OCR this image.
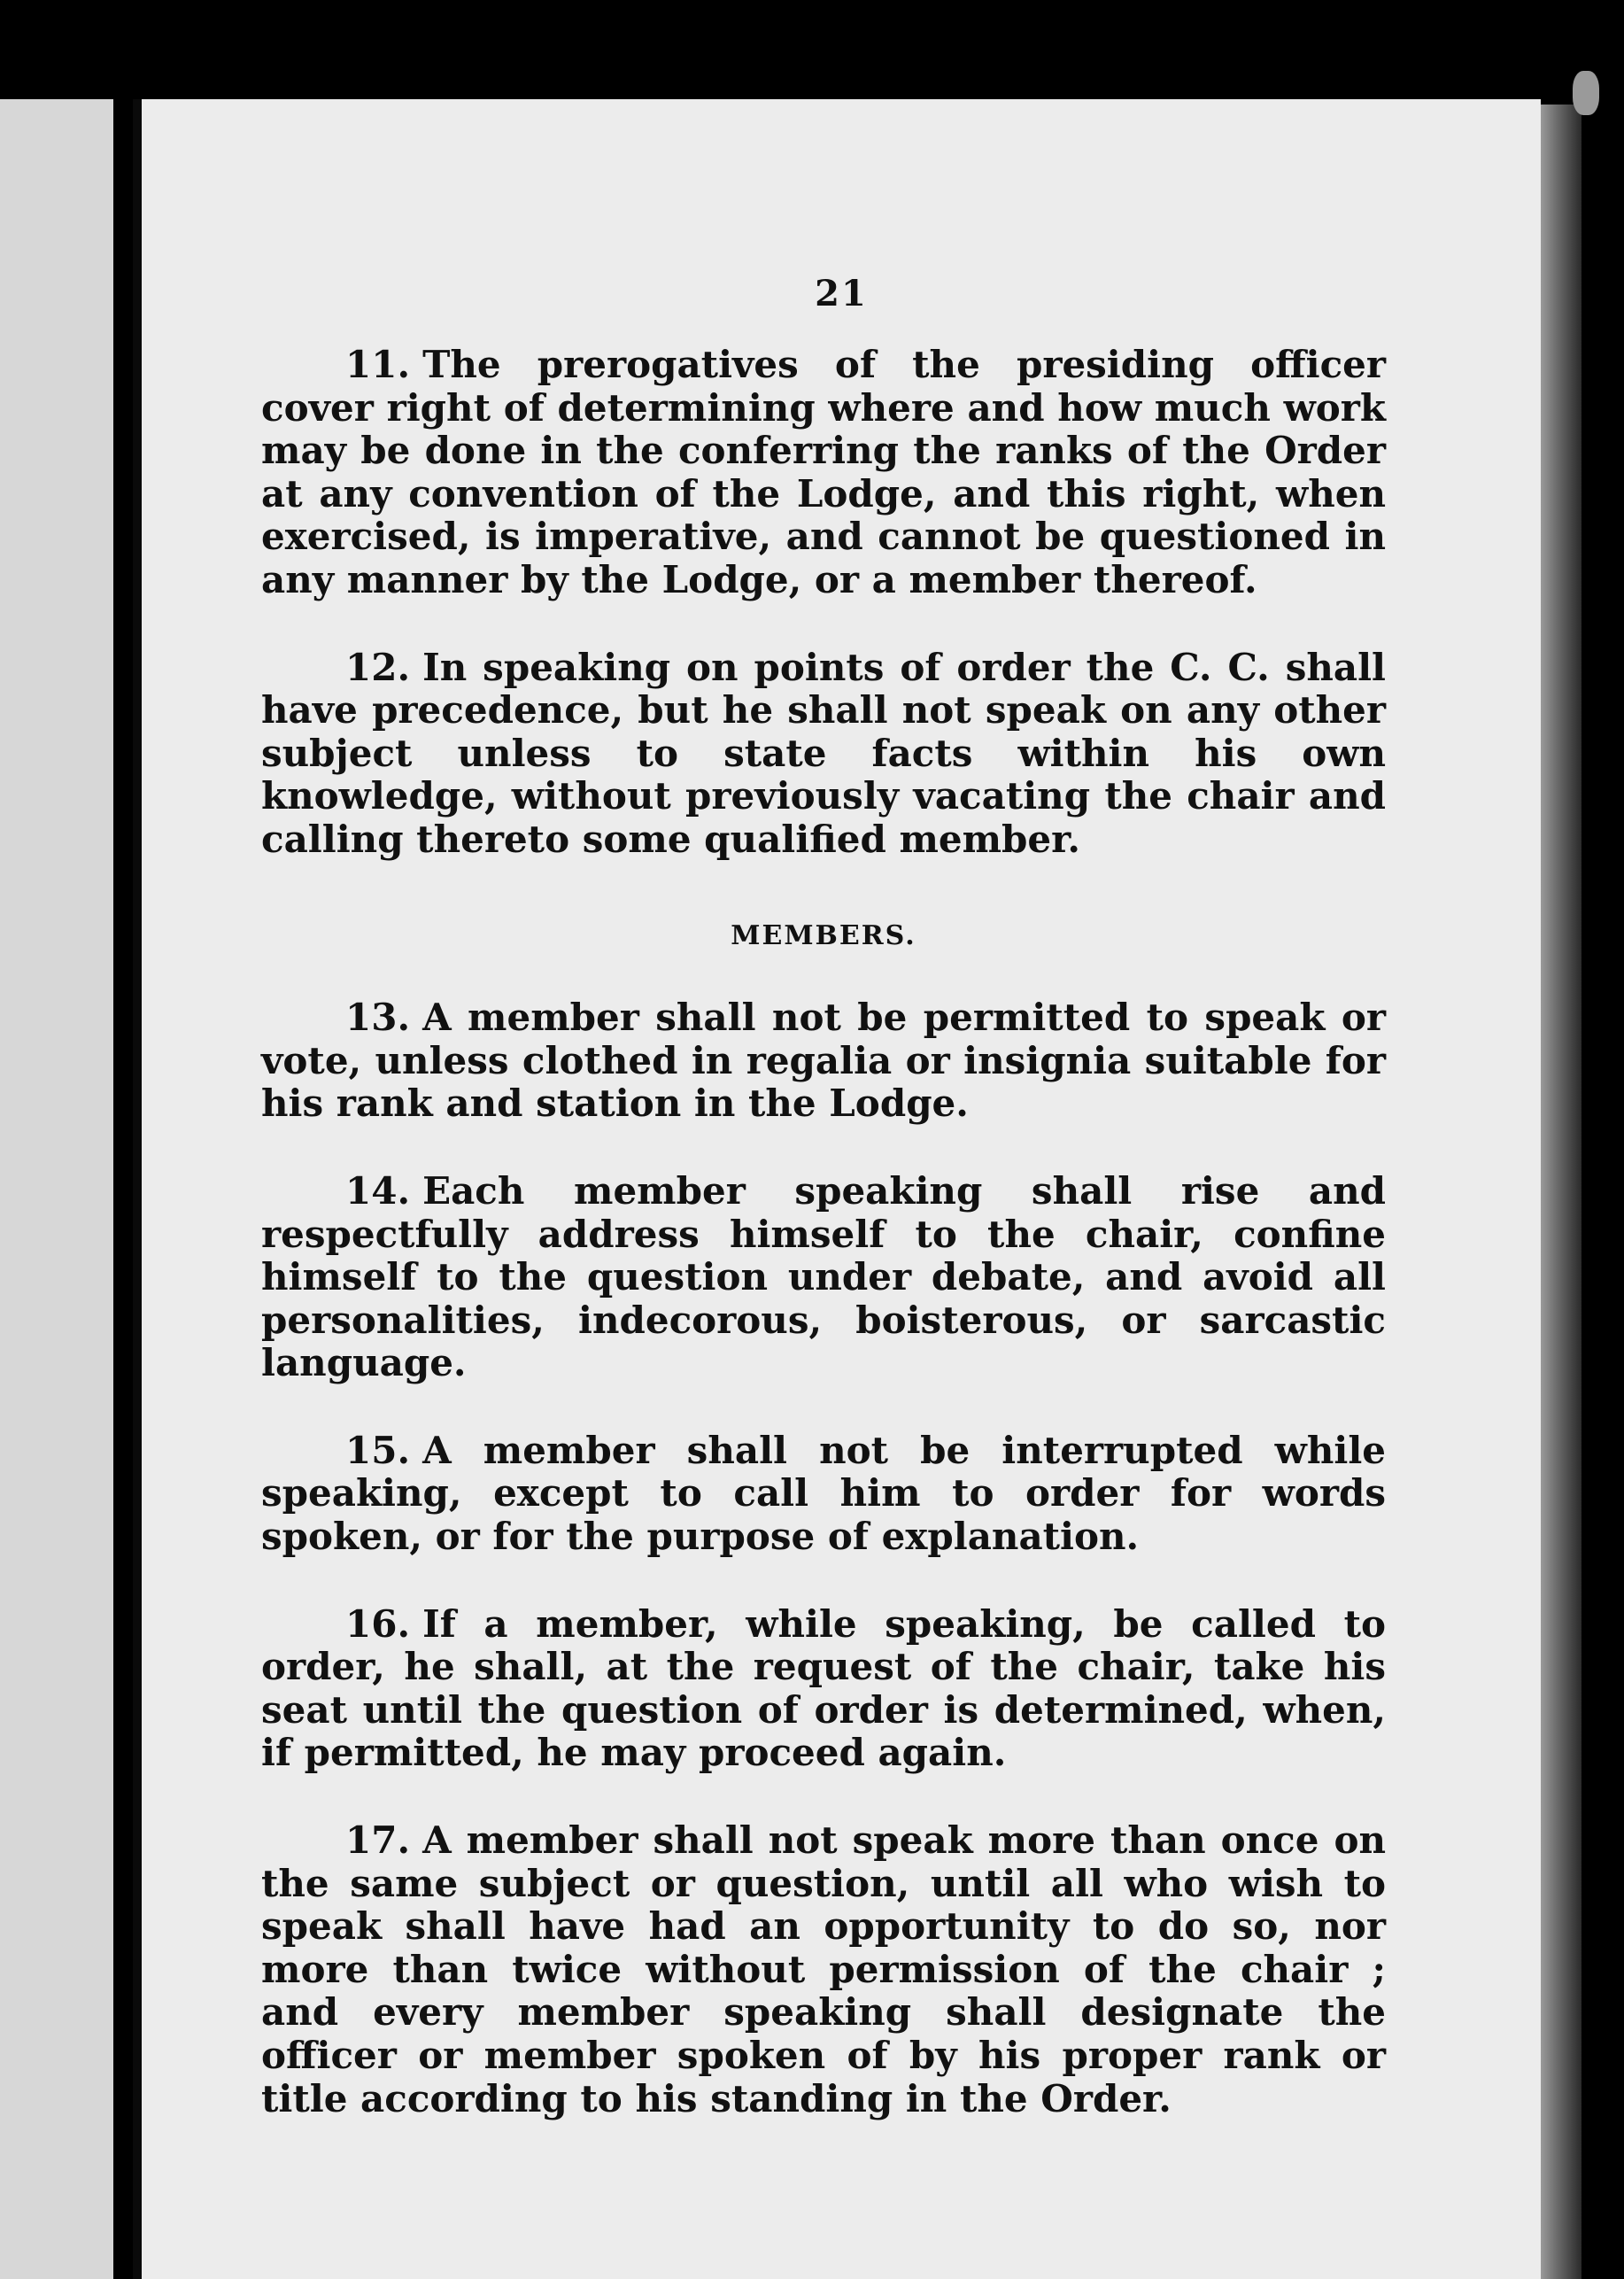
21

11. The prerogatives of the presiding officer cover right of determining where and how much work may be done in the conferring the ranks of the Order at any convention of the Lodge, and this right, when exercised, is imperative, and cannot be questioned in any manner by the Lodge, or a member thereof.

12. In speaking on points of order the C. C. shall have precedence, but he shall not speak on any other subject unless to state facts within his own knowledge, without previously vacating the chair and calling thereto some qualified member.

MEMBERS.

13. A member shall not be permitted to speak or vote, unless clothed in regalia or insignia suitable for his rank and station in the Lodge.

14. Each member speaking shall rise and respectfully address himself to the chair, confine himself to the question under debate, and avoid all personalities, indecorous, boisterous, or sarcastic language.

15. A member shall not be interrupted while speaking, except to call him to order for words spoken, or for the purpose of explanation.

16. If a member, while speaking, be called to order, he shall, at the request of the chair, take his seat until the question of order is determined, when, if permitted, he may proceed again.

17. A member shall not speak more than once on the same subject or question, until all who wish to speak shall have had an opportunity to do so, nor more than twice without permission of the chair ; and every member speaking shall designate the officer or member spoken of by his proper rank or title according to his standing in the Order.
